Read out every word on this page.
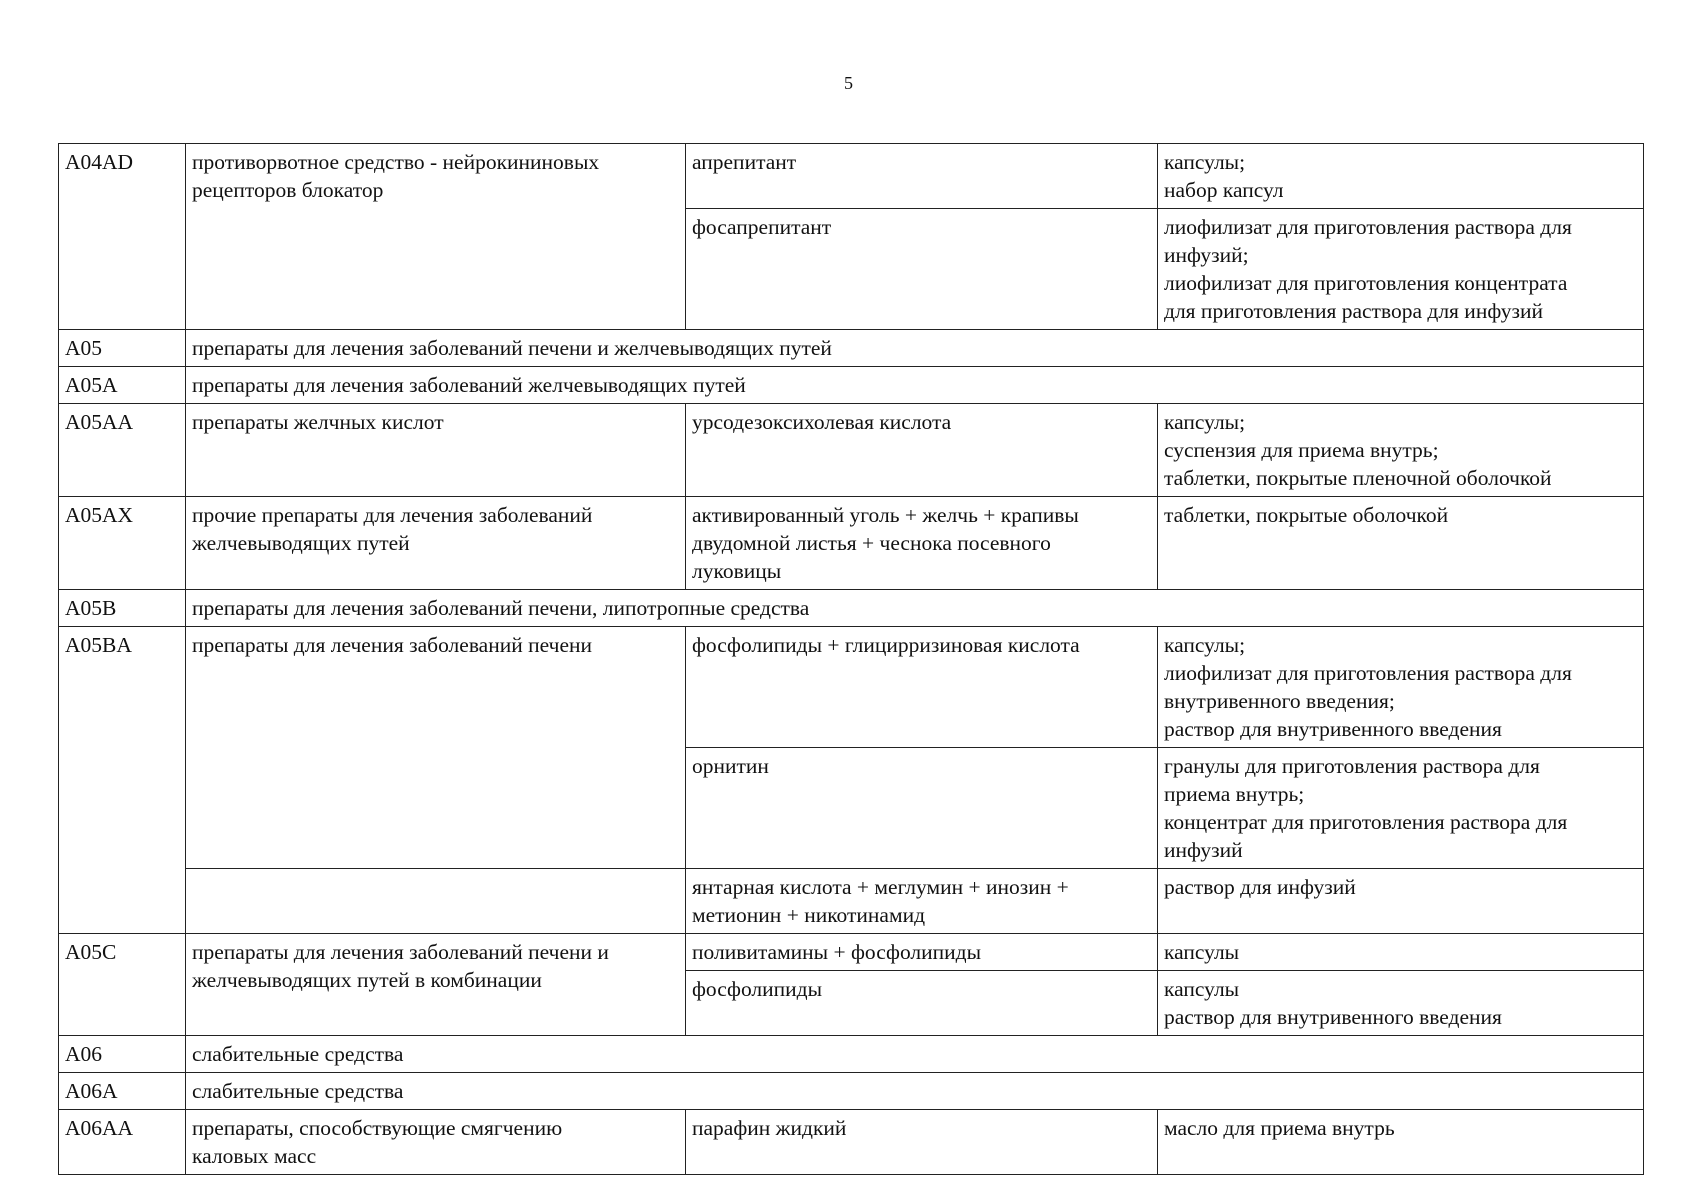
5
A04AD	противорвотное средство - нейрокининовых
рецепторов блокатор	апрепитант	капсулы;
набор капсул

		фосапрепитант	лиофилизат для приготовления раствора для
инфузий;
лиофилизат для приготовления концентрата
для приготовления раствора для инфузий

A05	препараты для лечения заболеваний печени и желчевыводящих путей		

A05A	препараты для лечения заболеваний желчевыводящих путей		

A05AA	препараты желчных кислот	урсодезоксихолевая кислота	капсулы;
суспензия для приема внутрь;
таблетки, покрытые пленочной оболочкой

A05AX	прочие препараты для лечения заболеваний
желчевыводящих путей	активированный уголь + желчь + крапивы
двудомной листья + чеснока посевного
луковицы	таблетки, покрытые оболочкой

A05B	препараты для лечения заболеваний печени, липотропные средства		

A05BA	препараты для лечения заболеваний печени	фосфолипиды + глицирризиновая кислота	капсулы;
лиофилизат для приготовления раствора для
внутривенного введения;
раствор для внутривенного введения

		орнитин	гранулы для приготовления раствора для
приема внутрь;
концентрат для приготовления раствора для
инфузий

		янтарная кислота + меглумин + инозин +
метионин + никотинамид	раствор для инфузий

A05C	препараты для лечения заболеваний печени и
желчевыводящих путей в комбинации	поливитамины + фосфолипиды	капсулы

		фосфолипиды	капсулы
раствор для внутривенного введения

A06	слабительные средства		

A06A	слабительные средства		

A06AA	препараты, способствующие смягчению
каловых масс	парафин жидкий	масло для приема внутрь
